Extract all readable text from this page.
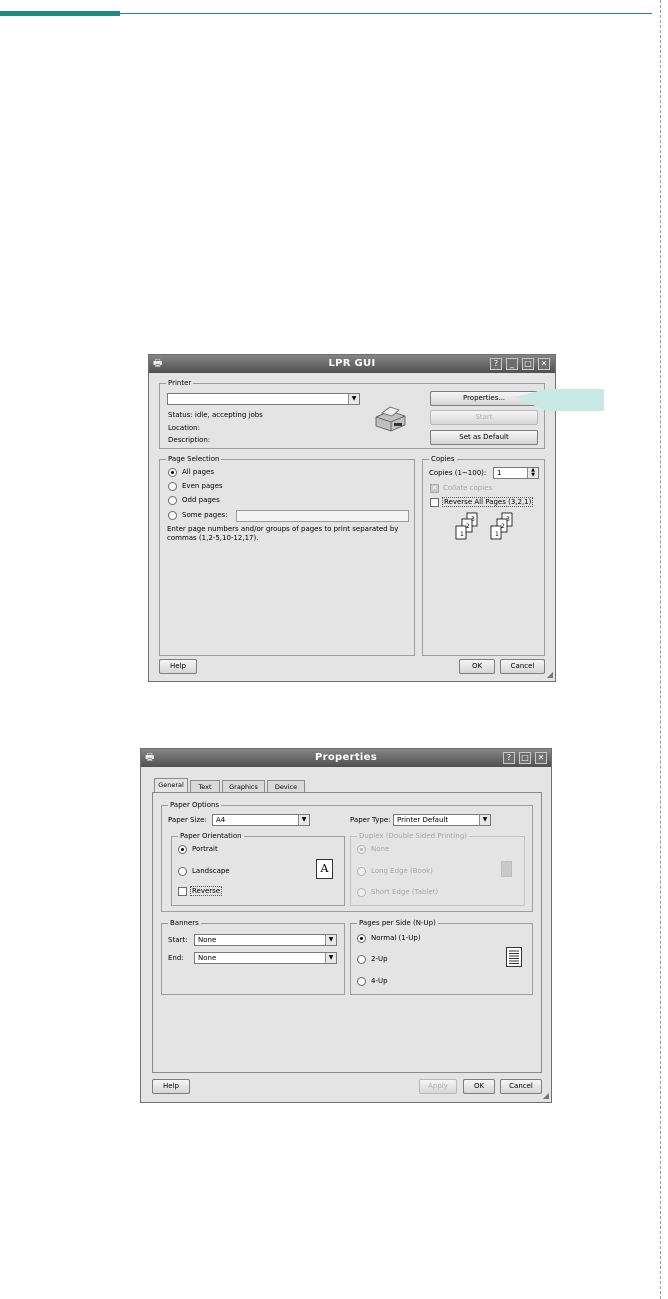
🖶	LPR GUI	?	_	□	✕
Printer
▼
Status: idle, accepting jobs
Location:
Description:
Properties...
Start
Set as Default
Page Selection
All pages
Even pages
Odd pages
Some pages:
Enter page numbers and/or groups of pages to print separated by
commas (1,2-5,10-12,17).
Copies
Copies (1~100):	1	▲
▼
✕ Collate copies
Reverse All Pages (3,2,1)
3
2
1
3
2
1
Help	OK	Cancel
◢
🖶	Properties	?	□	✕
General	Text	Graphics	Device
Paper Options
Paper Size:	A4	▼	Paper Type: Printer Default	▼
Paper Orientation
Portrait
Landscape
Reverse
A
Duplex (Double Sided Printing)
None
Long Edge (Book)
Short Edge (Tablet)
Banners
Start:	None	▼
End:	None	▼
Pages per Side (N-Up)
Normal (1-Up)
2-Up
4-Up
Help	Apply	OK	Cancel
◢
